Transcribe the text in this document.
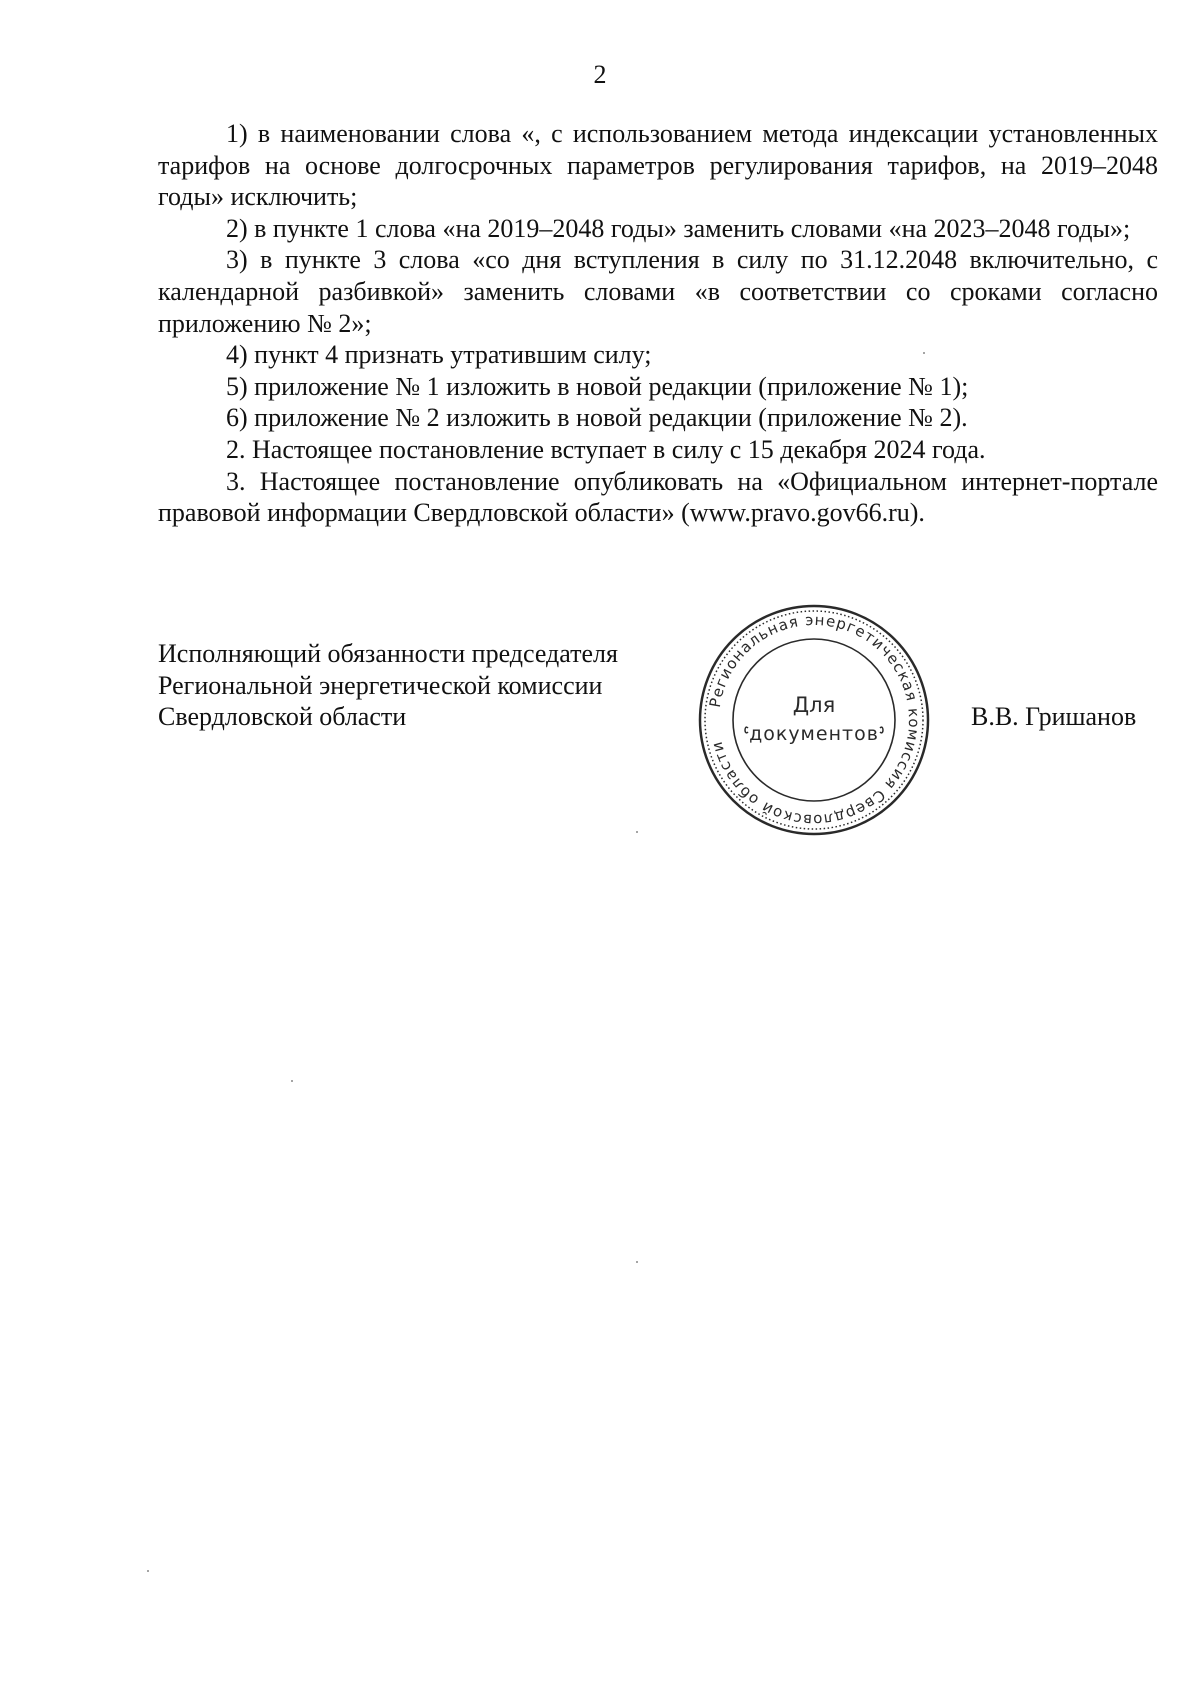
2

1) в наименовании слова «, с использованием метода индексации установленных тарифов на основе долгосрочных параметров регулирования тарифов, на 2019–2048 годы» исключить;

2) в пункте 1 слова «на 2019–2048 годы» заменить словами «на 2023–2048 годы»;

3) в пункте 3 слова «со дня вступления в силу по 31.12.2048 включительно, с календарной разбивкой» заменить словами «в соответствии со сроками согласно приложению № 2»;

4) пункт 4 признать утратившим силу;

5) приложение № 1 изложить в новой редакции (приложение № 1);

6) приложение № 2 изложить в новой редакции (приложение № 2).

2. Настоящее постановление вступает в силу с 15 декабря 2024 года.

3. Настоящее постановление опубликовать на «Официальном интернет-портале правовой информации Свердловской области» (www.pravo.gov66.ru).

Исполняющий обязанности председателя
Региональной энергетической комиссии
Свердловской области	Региональная энергетическая комиссия Свердловской области
Для
документов
В.В. Гришанов
